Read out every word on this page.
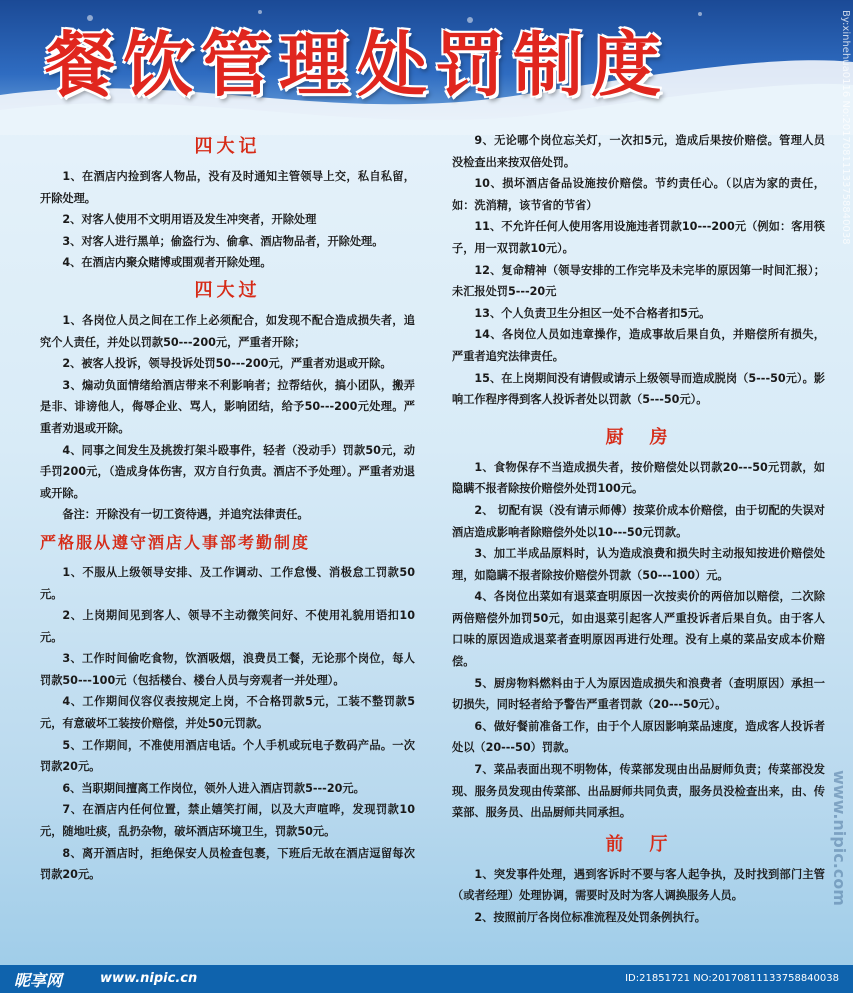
餐饮管理处罚制度
四大记
1、在酒店内捡到客人物品，没有及时通知主管领导上交，私自私留，开除处理。
2、对客人使用不文明用语及发生冲突者，开除处理
3、对客人进行黑单；偷盗行为、偷拿、酒店物品者，开除处理。
4、在酒店内聚众赌博或围观者开除处理。
四大过
1、各岗位人员之间在工作上必须配合，如发现不配合造成损失者，追究个人责任，并处以罚款50---200元，严重者开除；
2、被客人投诉，领导投诉处罚50---200元，严重者劝退或开除。
3、煽动负面情绪给酒店带来不利影响者；拉帮结伙，搞小团队，搬弄是非、诽谤他人，侮辱企业、骂人，影响团结，给予50---200元处理。严重者劝退或开除。
4、同事之间发生及挑拨打架斗殴事件，轻者（没动手）罚款50元，动手罚200元，（造成身体伤害，双方自行负责。酒店不予处理）。严重者劝退或开除。
备注：开除没有一切工资待遇，并追究法律责任。
严格服从遵守酒店人事部考勤制度
1、不服从上级领导安排、及工作调动、工作怠慢、消极怠工罚款50元。
2、上岗期间见到客人、领导不主动微笑问好、不使用礼貌用语扣10元。
3、工作时间偷吃食物，饮酒吸烟，浪费员工餐，无论那个岗位，每人罚款50---100元（包括楼台、楼台人员与旁观者一并处理）。
4、工作期间仪容仪表按规定上岗，不合格罚款5元，工装不整罚款5元，有意破坏工装按价赔偿，并处50元罚款。
5、工作期间，不准使用酒店电话。个人手机或玩电子数码产品。一次罚款20元。
6、当职期间擅离工作岗位，领外人进入酒店罚款5---20元。
7、在酒店内任何位置，禁止嬉笑打闹，以及大声喧哗，发现罚款10元，随地吐痰，乱扔杂物，破坏酒店环境卫生，罚款50元。
8、离开酒店时，拒绝保安人员检查包裹，下班后无故在酒店逗留每次罚款20元。
9、无论哪个岗位忘关灯，一次扣5元，造成后果按价赔偿。管理人员没检查出来按双倍处罚。
10、损坏酒店备品设施按价赔偿。节约责任心。（以店为家的责任，如：洗消精，该节省的节省）
11、不允许任何人使用客用设施违者罚款10---200元（例如：客用筷子，用一双罚款10元）。
12、复命精神（领导安排的工作完毕及未完毕的原因第一时间汇报）；未汇报处罚5---20元
13、个人负责卫生分担区一处不合格者扣5元。
14、各岗位人员如违章操作，造成事故后果自负，并赔偿所有损失，严重者追究法律责任。
15、在上岗期间没有请假或请示上级领导而造成脱岗（5---50元）。影响工作程序得到客人投诉者处以罚款（5---50元）。
厨　房
1、食物保存不当造成损失者，按价赔偿处以罚款20---50元罚款，如隐瞒不报者除按价赔偿外处罚100元。
2、 切配有误（没有请示师傅）按菜价成本价赔偿，由于切配的失误对酒店造成影响者除赔偿外处以10---50元罚款。
3、加工半成品原料时，认为造成浪费和损失时主动报知按进价赔偿处理，如隐瞒不报者除按价赔偿外罚款（50---100）元。
4、各岗位出菜如有退菜查明原因一次按卖价的两倍加以赔偿，二次除两倍赔偿外加罚50元，如由退菜引起客人严重投诉者后果自负。由于客人口味的原因造成退菜者查明原因再进行处理。没有上桌的菜品安成本价赔偿。
5、厨房物料燃料由于人为原因造成损失和浪费者（查明原因）承担一切损失，同时轻者给予警告严重者罚款（20---50元）。
6、做好餐前准备工作，由于个人原因影响菜品速度，造成客人投诉者处以（20---50）罚款。
7、菜品表面出现不明物体，传菜部发现由出品厨师负责；传菜部没发现、服务员发现由传菜部、出品厨师共同负责，服务员没检查出来，由、传菜部、服务员、出品厨师共同承担。
前　厅
1、突发事件处理，遇到客诉时不要与客人起争执，及时找到部门主管（或者经理）处理协调，需要时及时为客人调换服务人员。
2、按照前厅各岗位标准流程及处罚条例执行。
By:xinhehua0116 No:20170811133758840038
www.nipic.com
昵享网	www.nipic.cn	ID:21851721 NO:20170811133758840038
